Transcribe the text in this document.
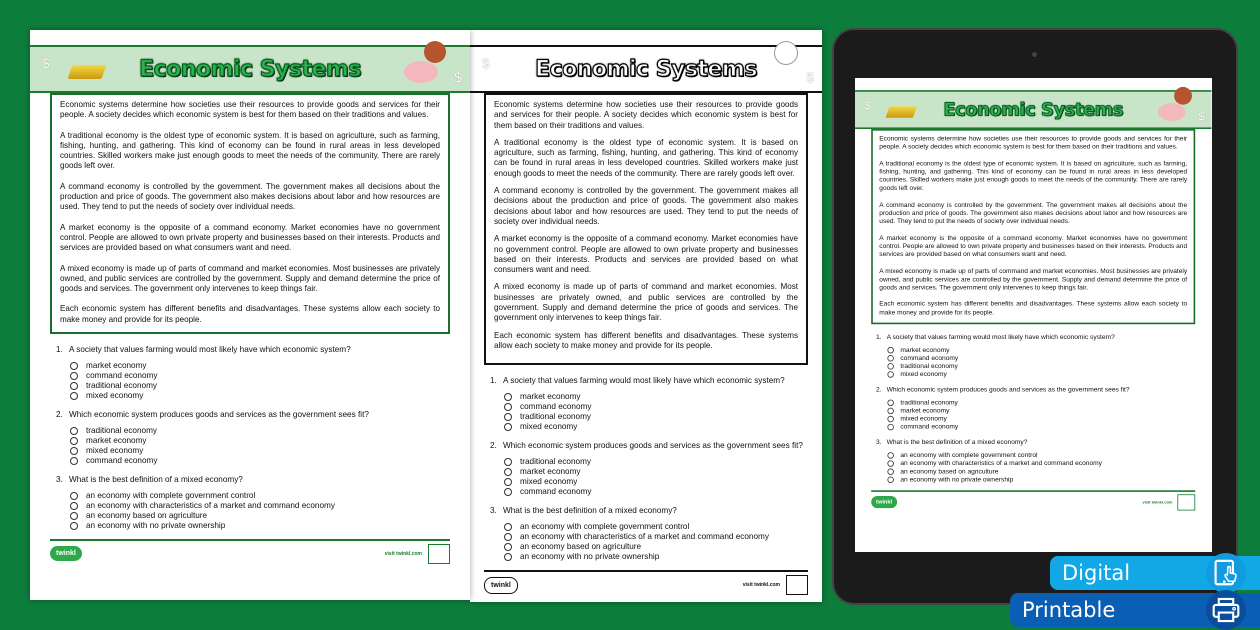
$
$
Economic Systems

Economic systems determine how societies use their resources to provide goods and services for their people. A society decides which economic system is best for them based on their traditions and values.

A traditional economy is the oldest type of economic system. It is based on agriculture, such as farming, fishing, hunting, and gathering. This kind of economy can be found in rural areas in less developed countries. Skilled workers make just enough goods to meet the needs of the community. There are rarely goods left over.

A command economy is controlled by the government. The government makes all decisions about the production and price of goods. The government also makes decisions about labor and how resources are used. They tend to put the needs of society over individual needs.

A market economy is the opposite of a command economy. Market economies have no government control. People are allowed to own private property and businesses based on their interests. Products and services are provided based on what consumers want and need.

A mixed economy is made up of parts of command and market economies. Most businesses are privately owned, and public services are controlled by the government. Supply and demand determine the price of goods and services. The government only intervenes to keep things fair.

Each economic system has different benefits and disadvantages. These systems allow each society to make money and provide for its people.

1. A society that values farming would most likely have which economic system?
market economy
command economy
traditional economy
mixed economy
2. Which economic system produces goods and services as the government sees fit?
traditional economy
market economy
mixed economy
command economy
3. What is the best definition of a mixed economy?
an economy with complete government control
an economy with characteristics of a market and command economy
an economy based on agriculture
an economy with no private ownership
twinkl	visit twinkl.com
$
$
Economic Systems

Economic systems determine how societies use their resources to provide goods and services for their people. A society decides which economic system is best for them based on their traditions and values.

A traditional economy is the oldest type of economic system. It is based on agriculture, such as farming, fishing, hunting, and gathering. This kind of economy can be found in rural areas in less developed countries. Skilled workers make just enough goods to meet the needs of the community. There are rarely goods left over.

A command economy is controlled by the government. The government makes all decisions about the production and price of goods. The government also makes decisions about labor and how resources are used. They tend to put the needs of society over individual needs.

A market economy is the opposite of a command economy. Market economies have no government control. People are allowed to own private property and businesses based on their interests. Products and services are provided based on what consumers want and need.

A mixed economy is made up of parts of command and market economies. Most businesses are privately owned, and public services are controlled by the government. Supply and demand determine the price of goods and services. The government only intervenes to keep things fair.

Each economic system has different benefits and disadvantages. These systems allow each society to make money and provide for its people.

1. A society that values farming would most likely have which economic system?
market economy
command economy
traditional economy
mixed economy
2. Which economic system produces goods and services as the government sees fit?
traditional economy
market economy
mixed economy
command economy
3. What is the best definition of a mixed economy?
an economy with complete government control
an economy with characteristics of a market and command economy
an economy based on agriculture
an economy with no private ownership
twinkl	visit twinkl.com
$
$
Economic Systems

Economic systems determine how societies use their resources to provide goods and services for their people. A society decides which economic system is best for them based on their traditions and values.

A traditional economy is the oldest type of economic system. It is based on agriculture, such as farming, fishing, hunting, and gathering. This kind of economy can be found in rural areas in less developed countries. Skilled workers make just enough goods to meet the needs of the community. There are rarely goods left over.

A command economy is controlled by the government. The government makes all decisions about the production and price of goods. The government also makes decisions about labor and how resources are used. They tend to put the needs of society over individual needs.

A market economy is the opposite of a command economy. Market economies have no government control. People are allowed to own private property and businesses based on their interests. Products and services are provided based on what consumers want and need.

A mixed economy is made up of parts of command and market economies. Most businesses are privately owned, and public services are controlled by the government. Supply and demand determine the price of goods and services. The government only intervenes to keep things fair.

Each economic system has different benefits and disadvantages. These systems allow each society to make money and provide for its people.

1. A society that values farming would most likely have which economic system?
market economy
command economy
traditional economy
mixed economy
2. Which economic system produces goods and services as the government sees fit?
traditional economy
market economy
mixed economy
command economy
3. What is the best definition of a mixed economy?
an economy with complete government control
an economy with characteristics of a market and command economy
an economy based on agriculture
an economy with no private ownership
twinkl	visit twinkl.com
Digital
Printable
